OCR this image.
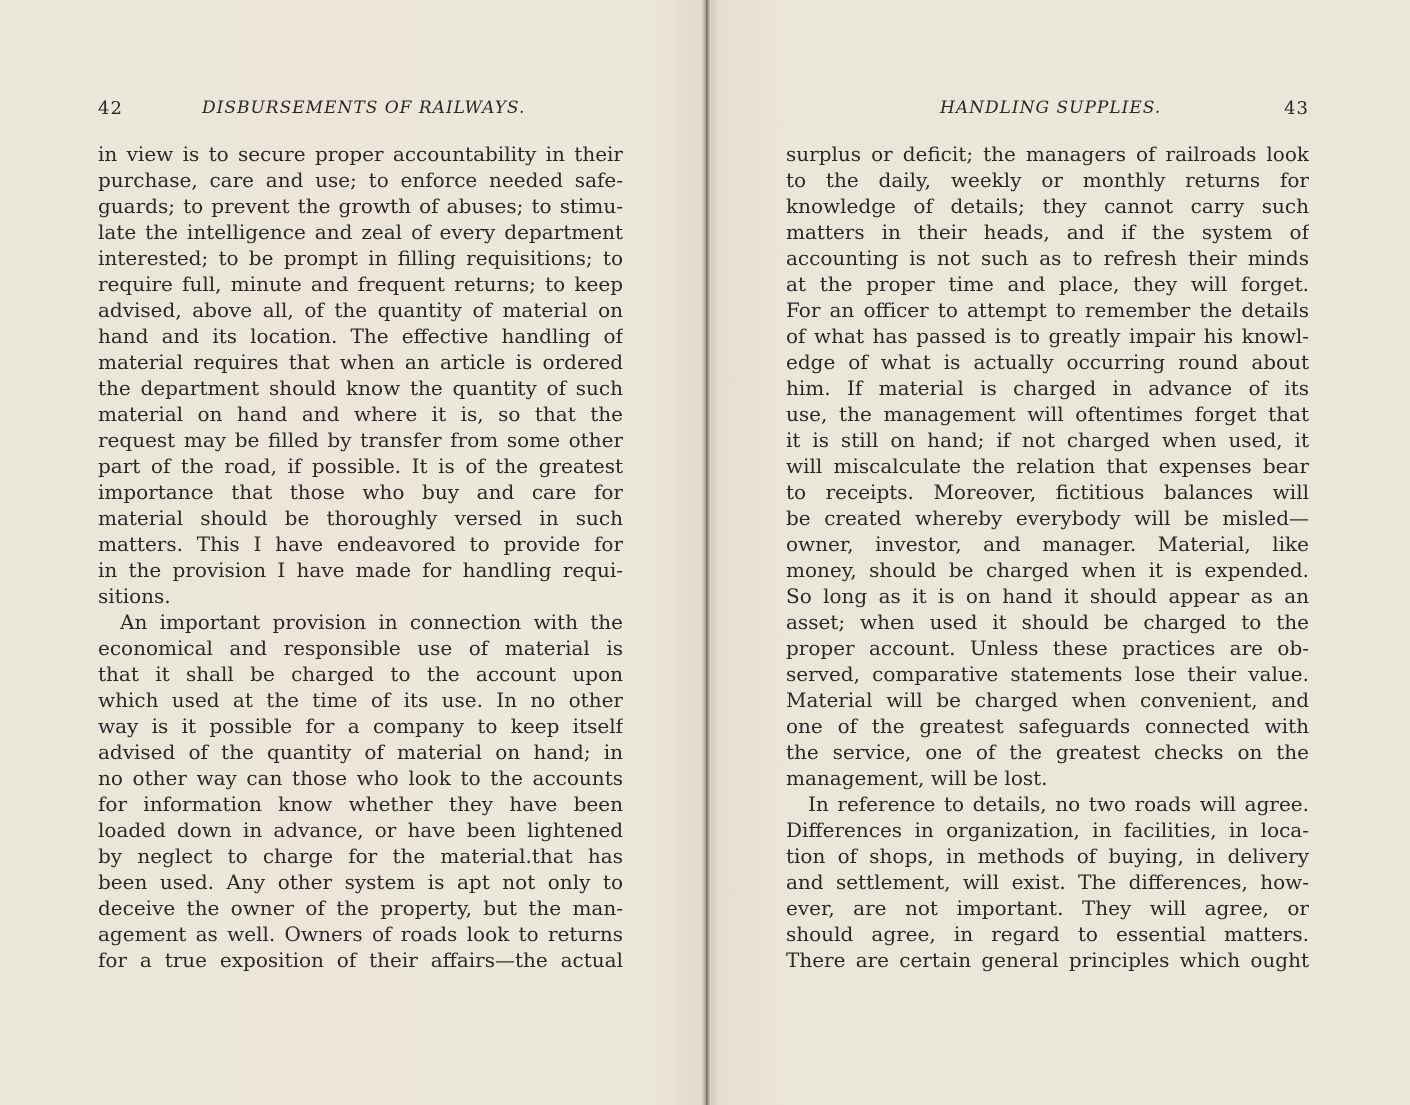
42	DISBURSEMENTS OF RAILWAYS.
in view is to secure proper accountability in their
purchase, care and use; to enforce needed safe-
guards; to prevent the growth of abuses; to stimu-
late the intelligence and zeal of every department
interested; to be prompt in filling requisitions; to
require full, minute and frequent returns; to keep
advised, above all, of the quantity of material on
hand and its location. The effective handling of
material requires that when an article is ordered
the department should know the quantity of such
material on hand and where it is, so that the
request may be filled by transfer from some other
part of the road, if possible. It is of the greatest
importance that those who buy and care for
material should be thoroughly versed in such
matters. This I have endeavored to provide for
in the provision I have made for handling requi-
sitions.
An important provision in connection with the
economical and responsible use of material is
that it shall be charged to the account upon
which used at the time of its use. In no other
way is it possible for a company to keep itself
advised of the quantity of material on hand; in
no other way can those who look to the accounts
for information know whether they have been
loaded down in advance, or have been lightened
by neglect to charge for the material.that has
been used. Any other system is apt not only to
deceive the owner of the property, but the man-
agement as well. Owners of roads look to returns
for a true exposition of their affairs—the actual
HANDLING SUPPLIES.	43
surplus or deficit; the managers of railroads look
to the daily, weekly or monthly returns for
knowledge of details; they cannot carry such
matters in their heads, and if the system of
accounting is not such as to refresh their minds
at the proper time and place, they will forget.
For an officer to attempt to remember the details
of what has passed is to greatly impair his knowl-
edge of what is actually occurring round about
him. If material is charged in advance of its
use, the management will oftentimes forget that
it is still on hand; if not charged when used, it
will miscalculate the relation that expenses bear
to receipts. Moreover, fictitious balances will
be created whereby everybody will be misled—
owner, investor, and manager. Material, like
money, should be charged when it is expended.
So long as it is on hand it should appear as an
asset; when used it should be charged to the
proper account. Unless these practices are ob-
served, comparative statements lose their value.
Material will be charged when convenient, and
one of the greatest safeguards connected with
the service, one of the greatest checks on the
management, will be lost.
In reference to details, no two roads will agree.
Differences in organization, in facilities, in loca-
tion of shops, in methods of buying, in delivery
and settlement, will exist. The differences, how-
ever, are not important. They will agree, or
should agree, in regard to essential matters.
There are certain general principles which ought
